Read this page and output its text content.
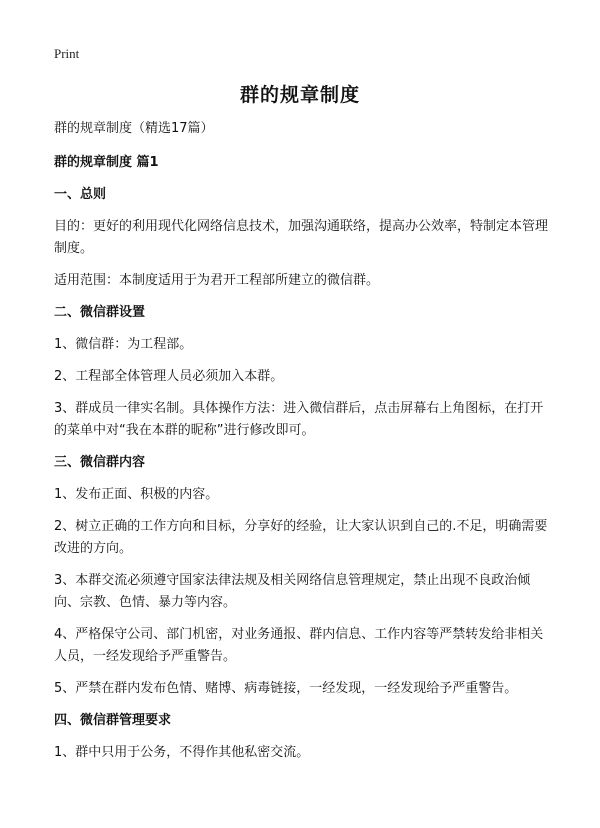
Print
群的规章制度
群的规章制度（精选17篇）
群的规章制度 篇1
一、总则
目的：更好的利用现代化网络信息技术，加强沟通联络，提高办公效率，特制定本管理制度。
适用范围：本制度适用于为君开工程部所建立的微信群。
二、微信群设置
1、微信群：为工程部。
2、工程部全体管理人员必须加入本群。
3、群成员一律实名制。具体操作方法：进入微信群后，点击屏幕右上角图标，在打开的菜单中对“我在本群的昵称”进行修改即可。
三、微信群内容
1、发布正面、积极的内容。
2、树立正确的工作方向和目标，分享好的经验，让大家认识到自己的.不足，明确需要改进的方向。
3、本群交流必须遵守国家法律法规及相关网络信息管理规定，禁止出现不良政治倾向、宗教、色情、暴力等内容。
4、严格保守公司、部门机密，对业务通报、群内信息、工作内容等严禁转发给非相关人员，一经发现给予严重警告。
5、严禁在群内发布色情、赌博、病毒链接，一经发现，一经发现给予严重警告。
四、微信群管理要求
1、群中只用于公务，不得作其他私密交流。
